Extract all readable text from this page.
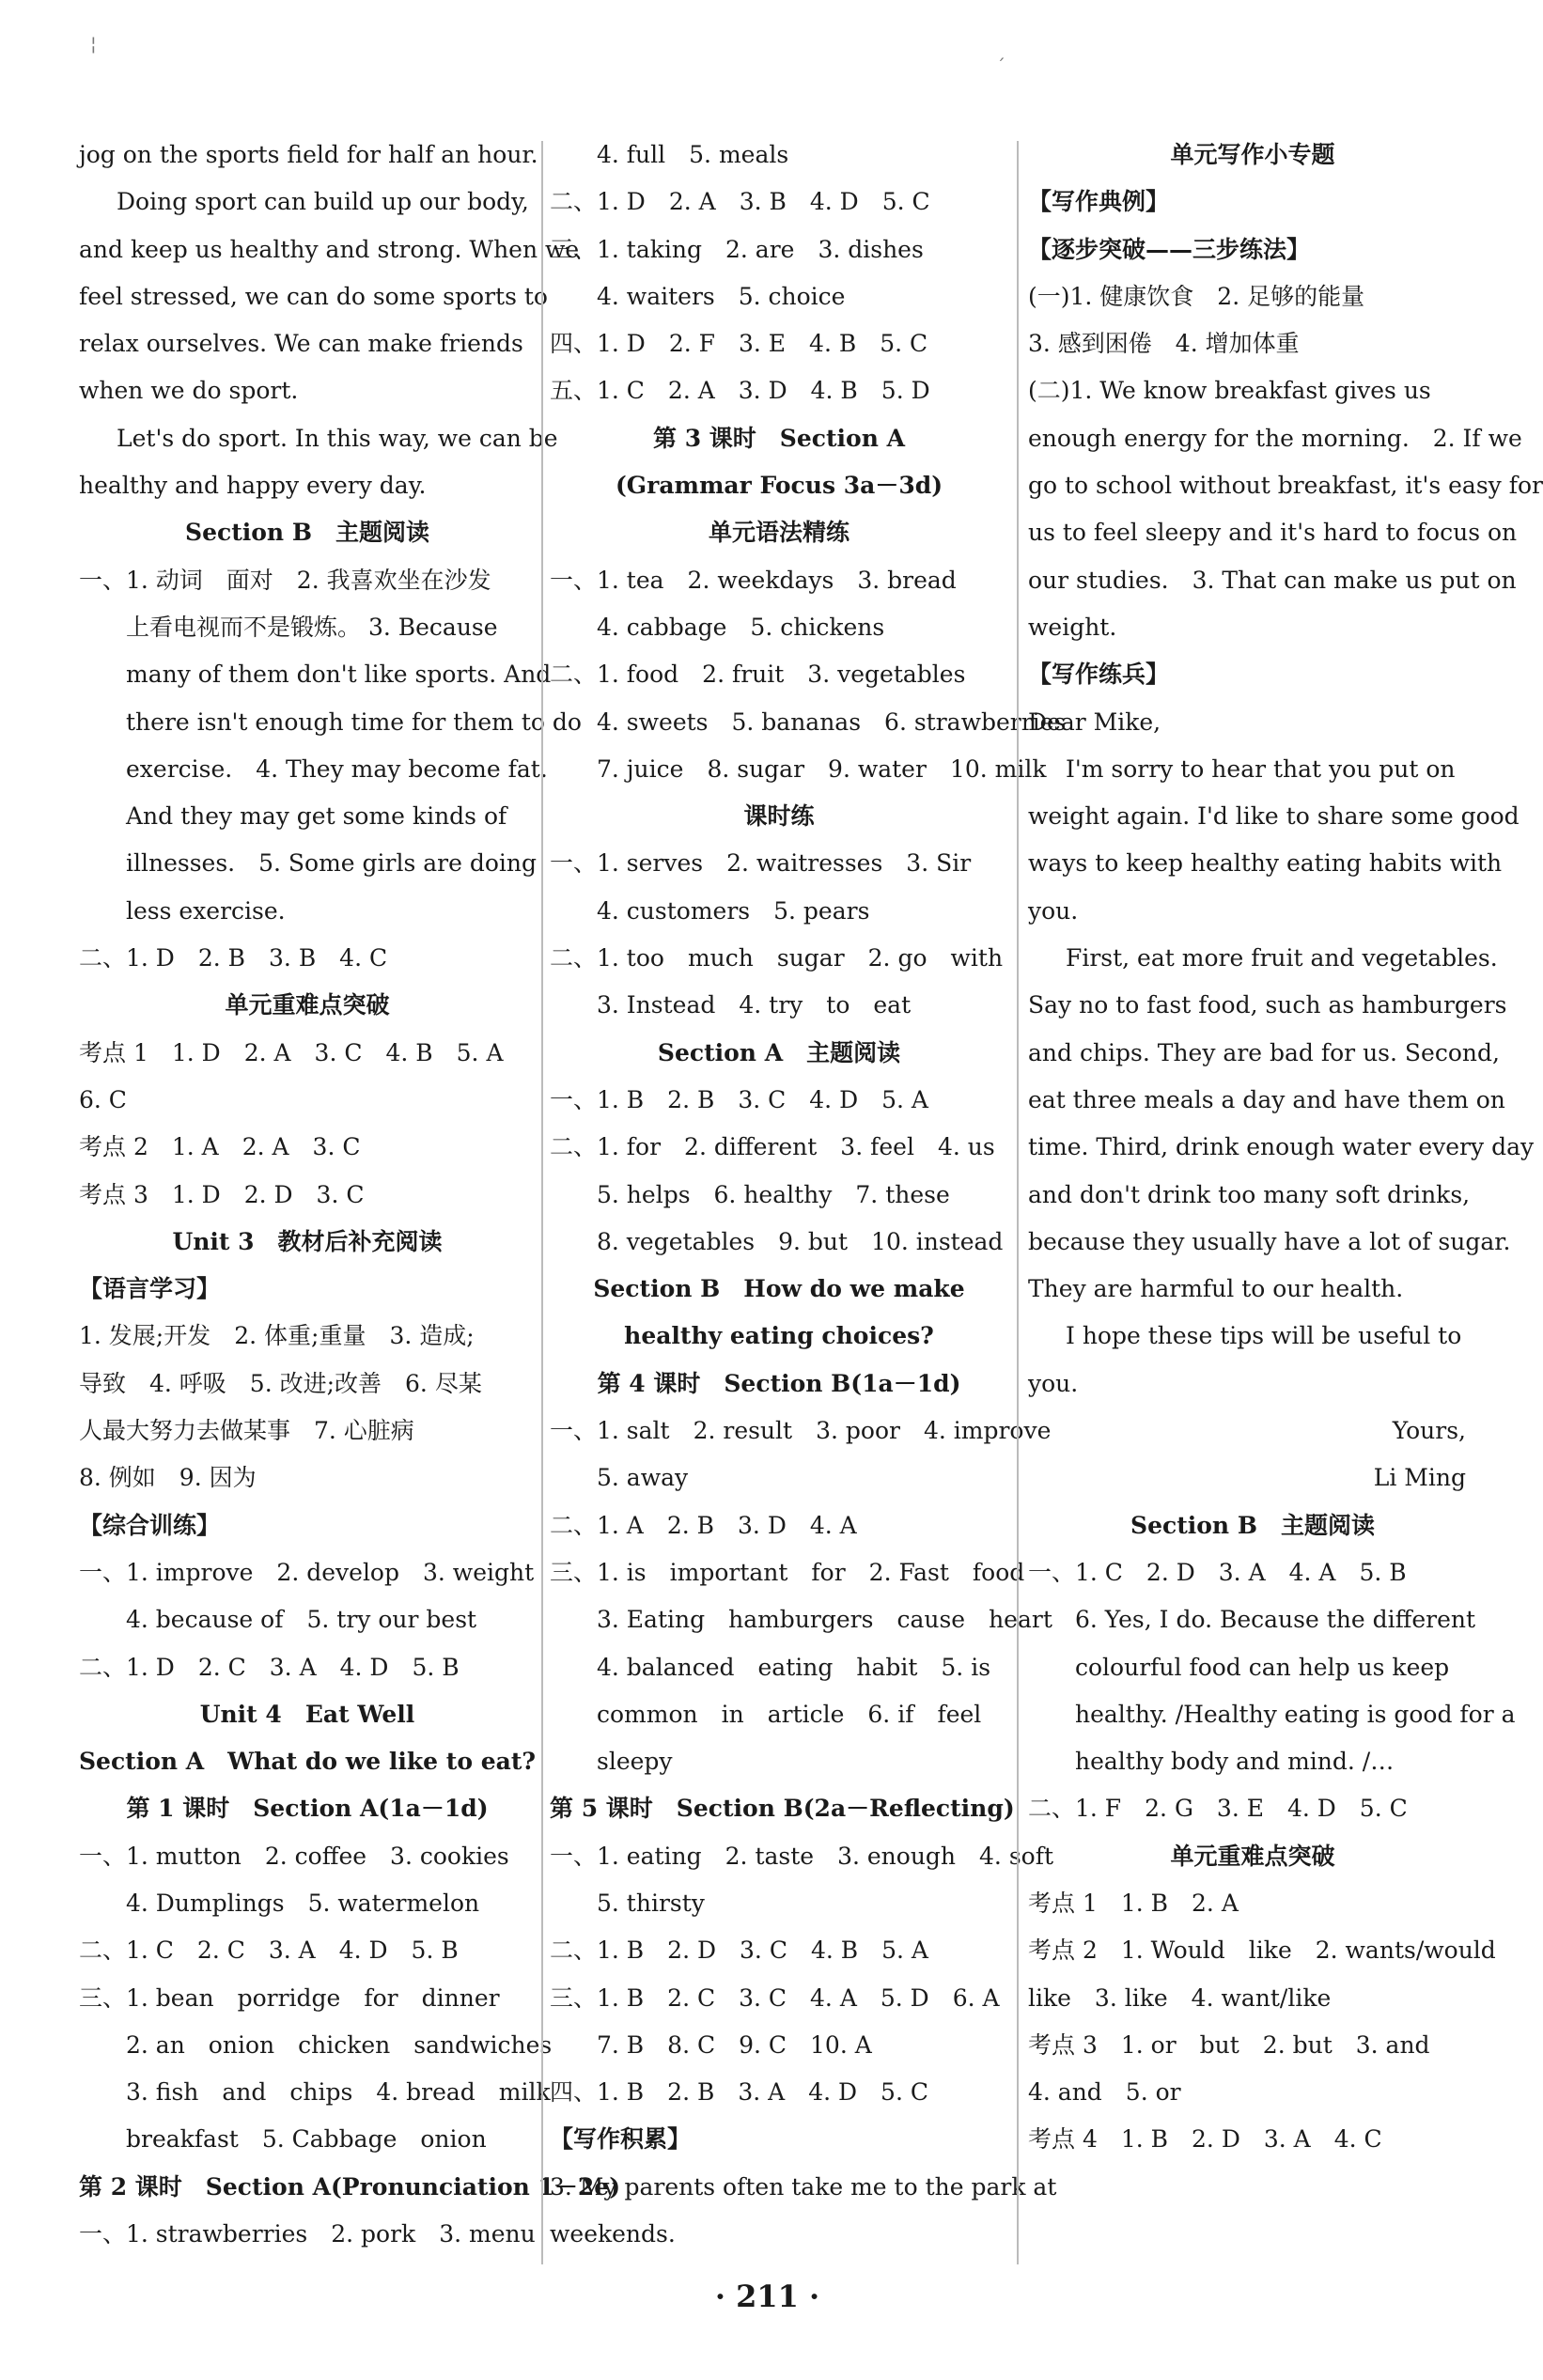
¦
´
jog on the sports field for half an hour.
Doing sport can build up our body,
and keep us healthy and strong. When we
feel stressed, we can do some sports to
relax ourselves. We can make friends
when we do sport.
Let's do sport. In this way, we can be
healthy and happy every day.
Section B　主题阅读
一、1. 动词　面对　2. 我喜欢坐在沙发
上看电视而不是锻炼。 3. Because
many of them don't like sports. And
there isn't enough time for them to do
exercise.　4. They may become fat.
And they may get some kinds of
illnesses.　5. Some girls are doing
less exercise.
二、1. D　2. B　3. B　4. C
单元重难点突破
考点 1　1. D　2. A　3. C　4. B　5. A
6. C
考点 2　1. A　2. A　3. C
考点 3　1. D　2. D　3. C
Unit 3　教材后补充阅读
【语言学习】
1. 发展;开发　2. 体重;重量　3. 造成;
导致　4. 呼吸　5. 改进;改善　6. 尽某
人最大努力去做某事　7. 心脏病
8. 例如　9. 因为
【综合训练】
一、1. improve　2. develop　3. weight
4. because of　5. try our best
二、1. D　2. C　3. A　4. D　5. B
Unit 4　Eat Well
Section A　What do we like to eat?
第 1 课时　Section A(1a－1d)
一、1. mutton　2. coffee　3. cookies
4. Dumplings　5. watermelon
二、1. C　2. C　3. A　4. D　5. B
三、1. bean　porridge　for　dinner
2. an　onion　chicken　sandwiches
3. fish　and　chips　4. bread　milk
breakfast　5. Cabbage　onion
第 2 课时　Section A(Pronunciation 1－2e)
一、1. strawberries　2. pork　3. menu
4. full　5. meals
二、1. D　2. A　3. B　4. D　5. C
三、1. taking　2. are　3. dishes
4. waiters　5. choice
四、1. D　2. F　3. E　4. B　5. C
五、1. C　2. A　3. D　4. B　5. D
第 3 课时　Section A
(Grammar Focus 3a－3d)
单元语法精练
一、1. tea　2. weekdays　3. bread
4. cabbage　5. chickens
二、1. food　2. fruit　3. vegetables
4. sweets　5. bananas　6. strawberries
7. juice　8. sugar　9. water　10. milk
课时练
一、1. serves　2. waitresses　3. Sir
4. customers　5. pears
二、1. too　much　sugar　2. go　with
3. Instead　4. try　to　eat
Section A　主题阅读
一、1. B　2. B　3. C　4. D　5. A
二、1. for　2. different　3. feel　4. us
5. helps　6. healthy　7. these
8. vegetables　9. but　10. instead
Section B　How do we make
healthy eating choices?
第 4 课时　Section B(1a－1d)
一、1. salt　2. result　3. poor　4. improve
5. away
二、1. A　2. B　3. D　4. A
三、1. is　important　for　2. Fast　food
3. Eating　hamburgers　cause　heart
4. balanced　eating　habit　5. is
common　in　article　6. if　feel
sleepy
第 5 课时　Section B(2a－Reflecting)
一、1. eating　2. taste　3. enough　4. soft
5. thirsty
二、1. B　2. D　3. C　4. B　5. A
三、1. B　2. C　3. C　4. A　5. D　6. A
7. B　8. C　9. C　10. A
四、1. B　2. B　3. A　4. D　5. C
【写作积累】
3. My parents often take me to the park at
weekends.
单元写作小专题
【写作典例】
【逐步突破——三步练法】
(一)1. 健康饮食　2. 足够的能量
3. 感到困倦　4. 增加体重
(二)1. We know breakfast gives us
enough energy for the morning.　2. If we
go to school without breakfast, it's easy for
us to feel sleepy and it's hard to focus on
our studies.　3. That can make us put on
weight.
【写作练兵】
Dear Mike,
I'm sorry to hear that you put on
weight again. I'd like to share some good
ways to keep healthy eating habits with
you.
First, eat more fruit and vegetables.
Say no to fast food, such as hamburgers
and chips. They are bad for us. Second,
eat three meals a day and have them on
time. Third, drink enough water every day
and don't drink too many soft drinks,
because they usually have a lot of sugar.
They are harmful to our health.
I hope these tips will be useful to
you.
Yours,
Li Ming
Section B　主题阅读
一、1. C　2. D　3. A　4. A　5. B
6. Yes, I do. Because the different
colourful food can help us keep
healthy. /Healthy eating is good for a
healthy body and mind. /…
二、1. F　2. G　3. E　4. D　5. C
单元重难点突破
考点 1　1. B　2. A
考点 2　1. Would　like　2. wants/would
like　3. like　4. want/like
考点 3　1. or　but　2. but　3. and
4. and　5. or
考点 4　1. B　2. D　3. A　4. C
· 211 ·
